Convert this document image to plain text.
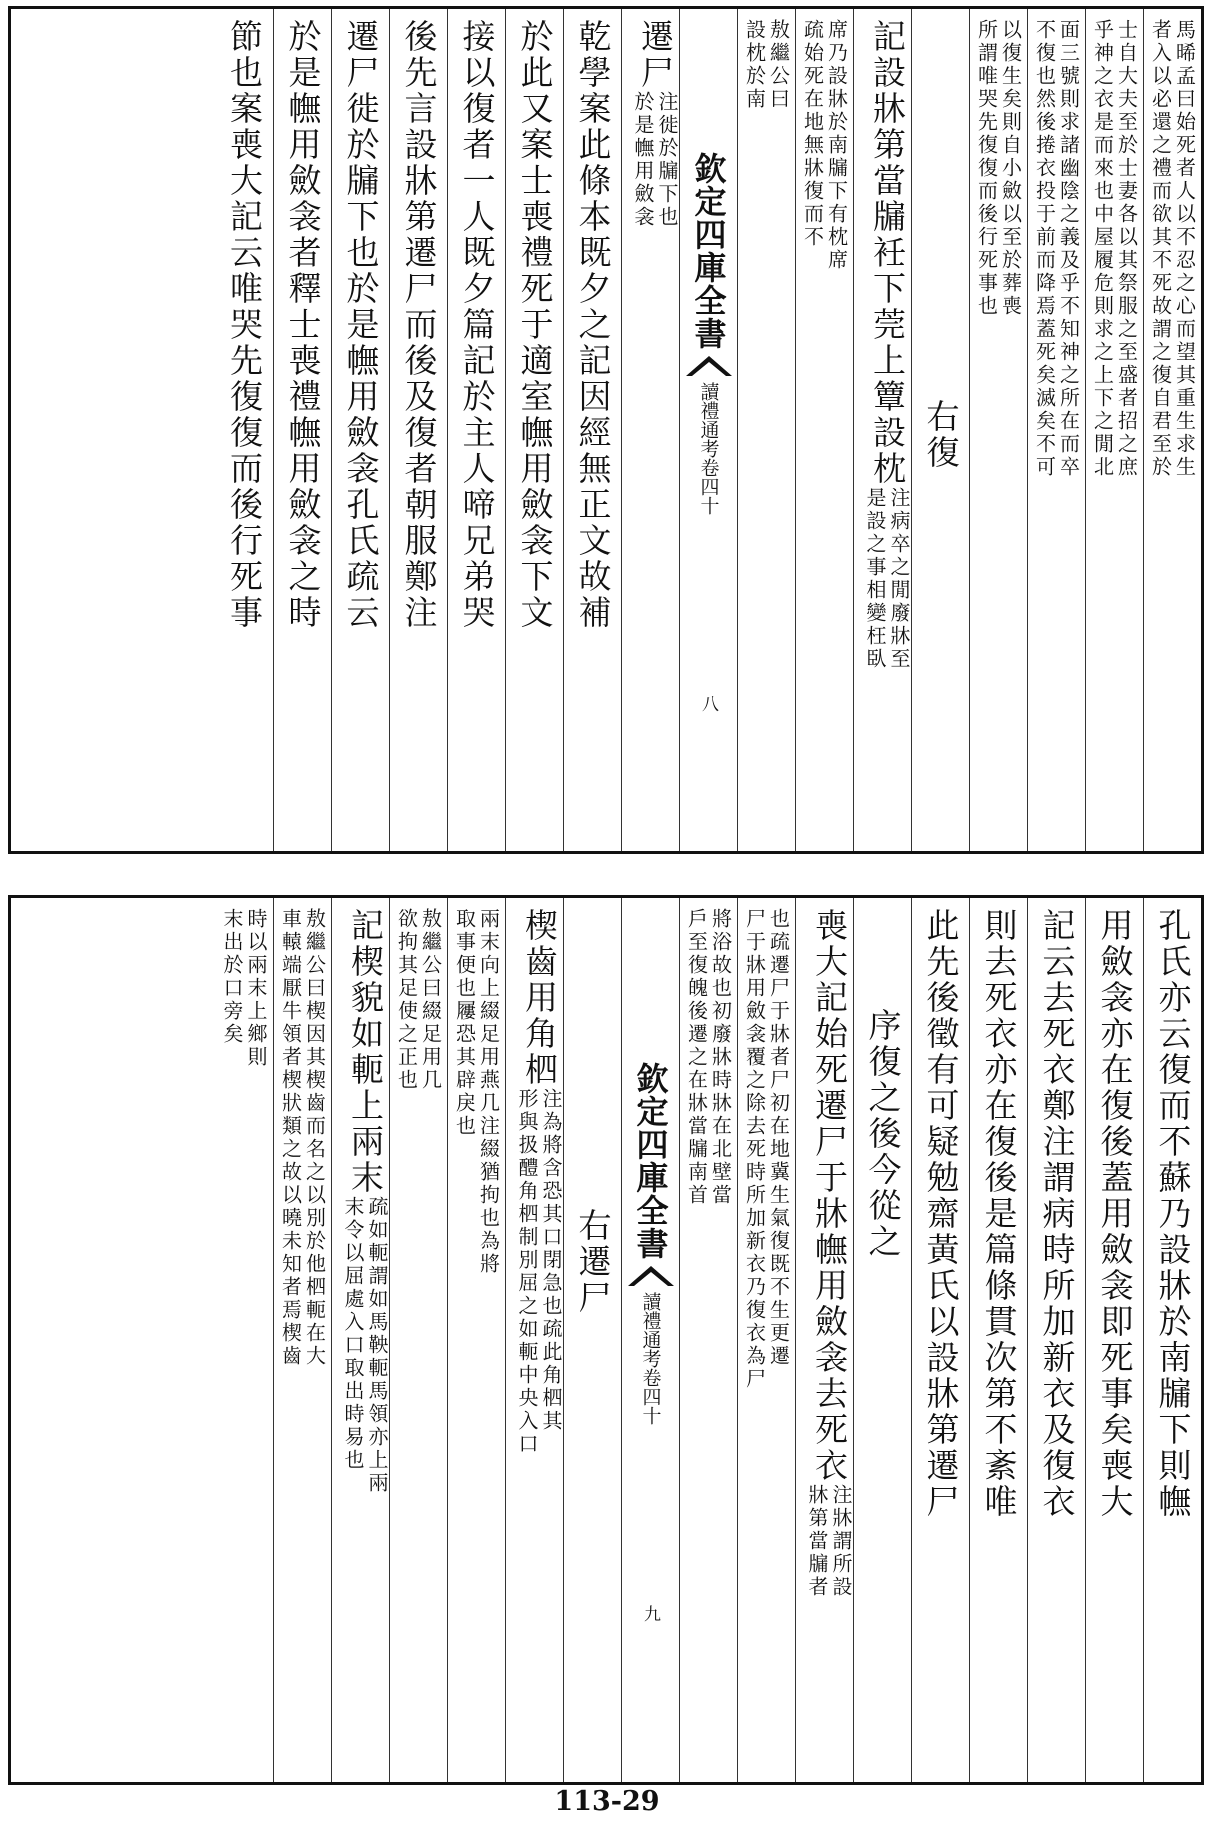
馬晞孟曰始死者人以不忍之心而望其重生求生
者入以必還之禮而欲其不死故謂之復自君至於
士自大夫至於士妻各以其祭服之至盛者招之庶
乎神之衣是而來也中屋履危則求之上下之閒北
面三號則求諸幽陰之義及乎不知神之所在而卒
不復也然後捲衣投于前而降焉蓋死矣滅矣不可
以復生矣則自小斂以至於葬喪
所謂唯哭先復復而後行死事也
右復
記設牀第當牖衽下莞上簟設枕
注病卒之閒廢牀至
是設之事相變枉臥
席乃設牀於南牖下有枕席
疏始死在地無牀復而不
敖繼公曰
設枕於南
欽定四庫全書
讀禮通考
卷四十
八
遷尸
注徙於牖下也
於是幠用斂衾
乾學案此條本既夕之記因經無正文故補
於此又案士喪禮死于適室幠用斂衾下文
接以復者一人既夕篇記於主人啼兄弟哭
後先言設牀第遷尸而後及復者朝服鄭注
遷尸徙於牖下也於是幠用斂衾孔氏疏云
於是幠用斂衾者釋士喪禮幠用斂衾之時
節也案喪大記云唯哭先復復而後行死事
孔氏亦云復而不蘇乃設牀於南牖下則幠
用斂衾亦在復後蓋用斂衾即死事矣喪大
記云去死衣鄭注謂病時所加新衣及復衣
則去死衣亦在復後是篇條貫次第不紊唯
此先後徵有可疑勉齋黃氏以設牀第遷尸
序復之後今從之
喪大記始死遷尸于牀幠用斂衾去死衣
注牀謂所設
牀第當牖者
也疏遷尸于牀者尸初在地冀生氣復既不生更遷
尸于牀用斂衾覆之除去死時所加新衣乃復衣為尸
將浴故也初廢牀時牀在北壁當
戶至復魄後遷之在牀當牖南首
欽定四庫全書
讀禮通考
卷四十
九
右遷尸
楔齒用角柶
注為將含恐其口閉急也疏此角柶其
形與扱醴角柶制別屈之如軛中央入口
兩末向上綴足用燕几注綴猶拘也為將
取事便也屨恐其辟戾也
敖繼公曰綴足用几
欲拘其足使之正也
記楔貌如軛上兩末
疏如軛謂如馬鞅軛馬領亦上兩
末令以屈處入口取出時易也
敖繼公曰楔因其楔齒而名之以別於他柶軛在大
車轅端厭牛領者楔狀類之故以曉未知者焉楔齒
時以兩末上鄉則
末出於口旁矣
113-29
